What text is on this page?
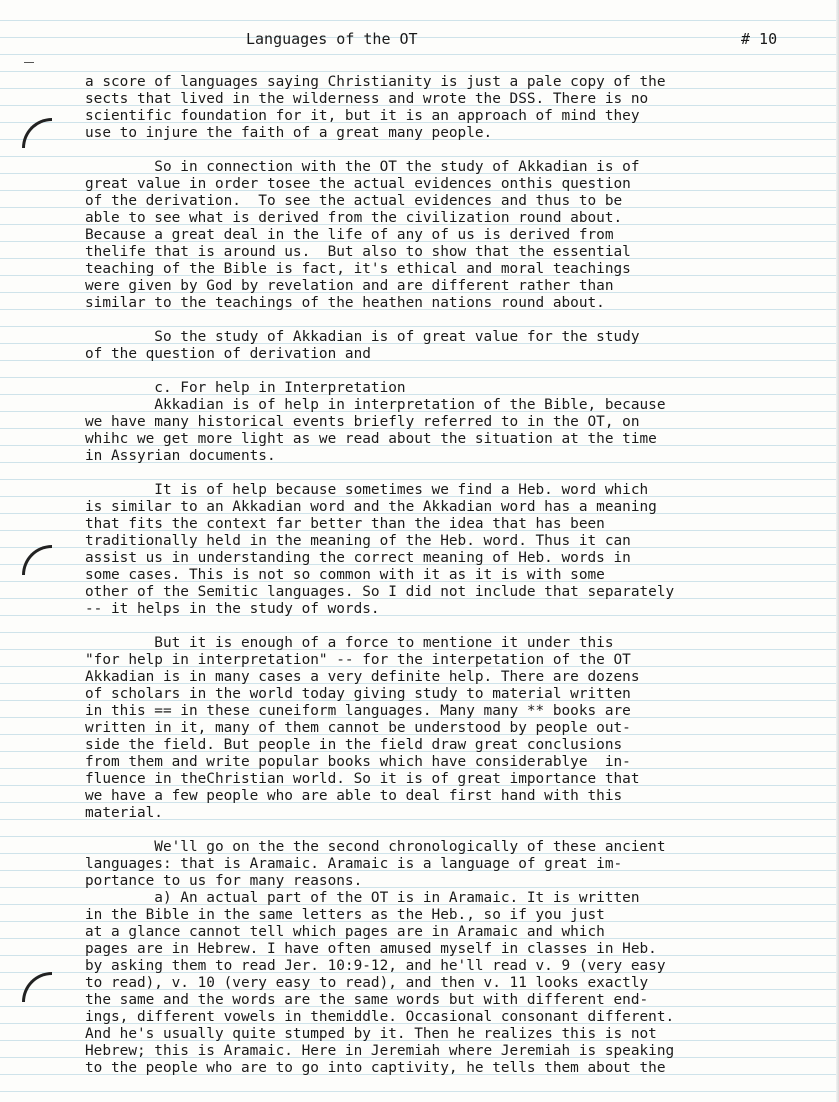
Languages of the OT	# 10
a score of languages saying Christianity is just a pale copy of the
sects that lived in the wilderness and wrote the DSS. There is no
scientific foundation for it, but it is an approach of mind they
use to injure the faith of a great many people.
So in connection with the OT the study of Akkadian is of
great value in order tosee the actual evidences onthis question
of the derivation.  To see the actual evidences and thus to be
able to see what is derived from the civilization round about.
Because a great deal in the life of any of us is derived from
thelife that is around us.  But also to show that the essential
teaching of the Bible is fact, it's ethical and moral teachings
were given by God by revelation and are different rather than
similar to the teachings of the heathen nations round about.
So the study of Akkadian is of great value for the study
of the question of derivation and
c. For help in Interpretation
Akkadian is of help in interpretation of the Bible, because
we have many historical events briefly referred to in the OT, on
whihc we get more light as we read about the situation at the time
in Assyrian documents.
It is of help because sometimes we find a Heb. word which
is similar to an Akkadian word and the Akkadian word has a meaning
that fits the context far better than the idea that has been
traditionally held in the meaning of the Heb. word. Thus it can
assist us in understanding the correct meaning of Heb. words in
some cases. This is not so common with it as it is with some
other of the Semitic languages. So I did not include that separately
-- it helps in the study of words.
But it is enough of a force to mentione it under this
"for help in interpretation" -- for the interpetation of the OT
Akkadian is in many cases a very definite help. There are dozens
of scholars in the world today giving study to material written
in this == in these cuneiform languages. Many many ** books are
written in it, many of them cannot be understood by people out-
side the field. But people in the field draw great conclusions
from them and write popular books which have considerablye  in-
fluence in theChristian world. So it is of great importance that
we have a few people who are able to deal first hand with this
material.
We'll go on the the second chronologically of these ancient
languages: that is Aramaic. Aramaic is a language of great im-
portance to us for many reasons.
a) An actual part of the OT is in Aramaic. It is written
in the Bible in the same letters as the Heb., so if you just
at a glance cannot tell which pages are in Aramaic and which
pages are in Hebrew. I have often amused myself in classes in Heb.
by asking them to read Jer. 10:9-12, and he'll read v. 9 (very easy
to read), v. 10 (very easy to read), and then v. 11 looks exactly
the same and the words are the same words but with different end-
ings, different vowels in themiddle. Occasional consonant different.
And he's usually quite stumped by it. Then he realizes this is not
Hebrew; this is Aramaic. Here in Jeremiah where Jeremiah is speaking
to the people who are to go into captivity, he tells them about the
